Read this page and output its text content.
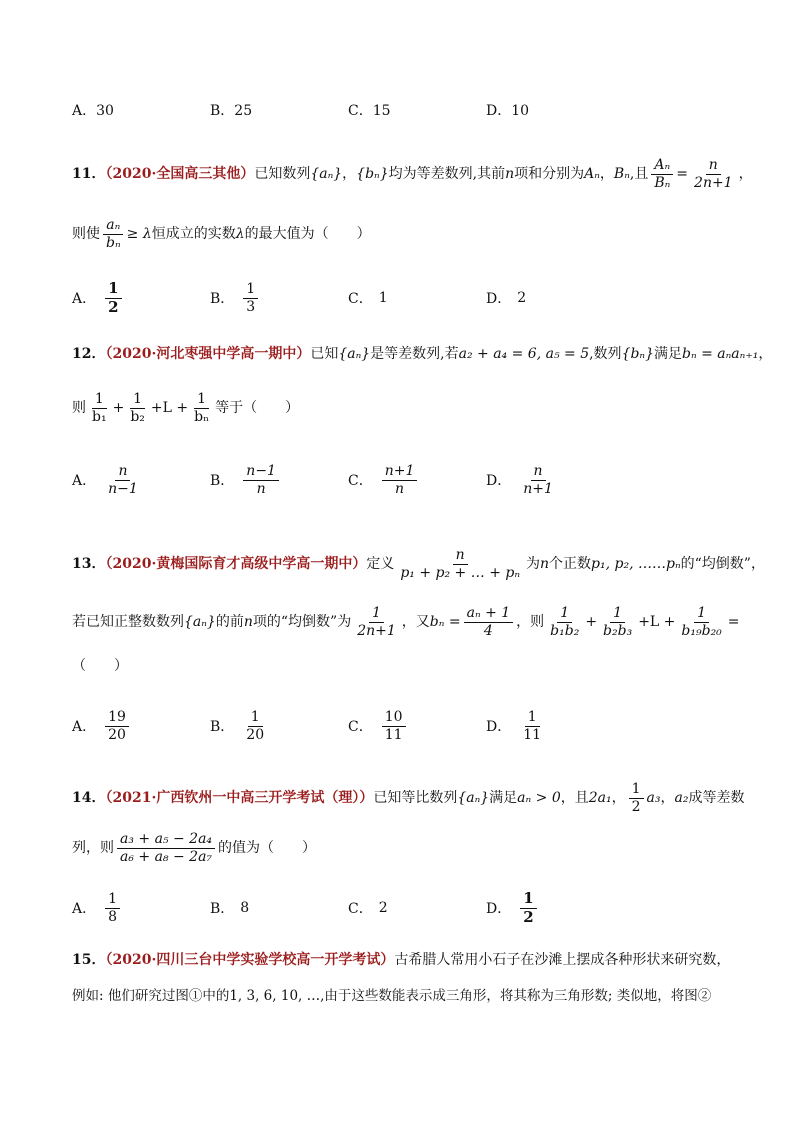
A．30	B．25	C．15	D．10
11．（2020·全国高三其他）已知数列{aₙ}，{bₙ}均为等差数列,其前n项和分别为Aₙ，Bₙ,且 $\frac{\text{Aₙ}}{\text{Bₙ}} = \frac{n}{2n+1}$ ，
则使 $\frac{\text{aₙ}}{\text{bₙ}} \ge \lambda$恒成立的实数λ的最大值为（　　）
A． $\frac{1}{2}$	B． $\frac{1}{3}$	C． 1	D． 2
12．（2020·河北枣强中学高一期中）已知{aₙ}是等差数列,若a₂ + a₄ = 6, a₅ = 5,数列{bₙ}满足bₙ = aₙaₙ₊₁，
则 $\frac{1}{\text{b₁}} + \frac{1}{\text{b₂}} +L + \frac{1}{\text{bₙ}}$ 等于（　　）
A． $\frac{n}{n-1}$	B． $\frac{n-1}{n}$	C． $\frac{n+1}{n}$	D． $\frac{n}{n+1}$
13．（2020·黄梅国际育才高级中学高一期中）定义 $\frac{n}{\text{p₁ + p₂ + … + pₙ}}$ 为n个正数p₁, p₂, ……pₙ的“均倒数”，
若已知正整数数列{aₙ}的前n项的“均倒数”为 $\frac{1}{2n+1}$ ，又$b_n = \frac{\text{aₙ + 1}}{4}$ ，则 $\frac{1}{\text{b₁b₂}} + \frac{1}{\text{b₂b₃}} +L + \frac{1}{\text{b₁₉b₂₀}}$ =
（　　）
A． $\frac{19}{20}$	B． $\frac{1}{20}$	C． $\frac{10}{11}$	D． $\frac{1}{11}$
14．（2021·广西钦州一中高三开学考试（理））已知等比数列{aₙ}满足aₙ > 0，且2a₁， $\frac{1}{2} a_3$，a₂成等差数
列，则 $\frac{\text{a₃ + a₅ − 2a₄}}{\text{a₆ + a₈ − 2a₇}}$ 的值为（　　）
A． $\frac{1}{8}$	B． 8	C． 2	D． $\frac{1}{2}$
15．（2020·四川三台中学实验学校高一开学考试）古希腊人常用小石子在沙滩上摆成各种形状来研究数，
例如: 他们研究过图①中的1, 3, 6, 10, …,由于这些数能表示成三角形，将其称为三角形数; 类似地，将图②
